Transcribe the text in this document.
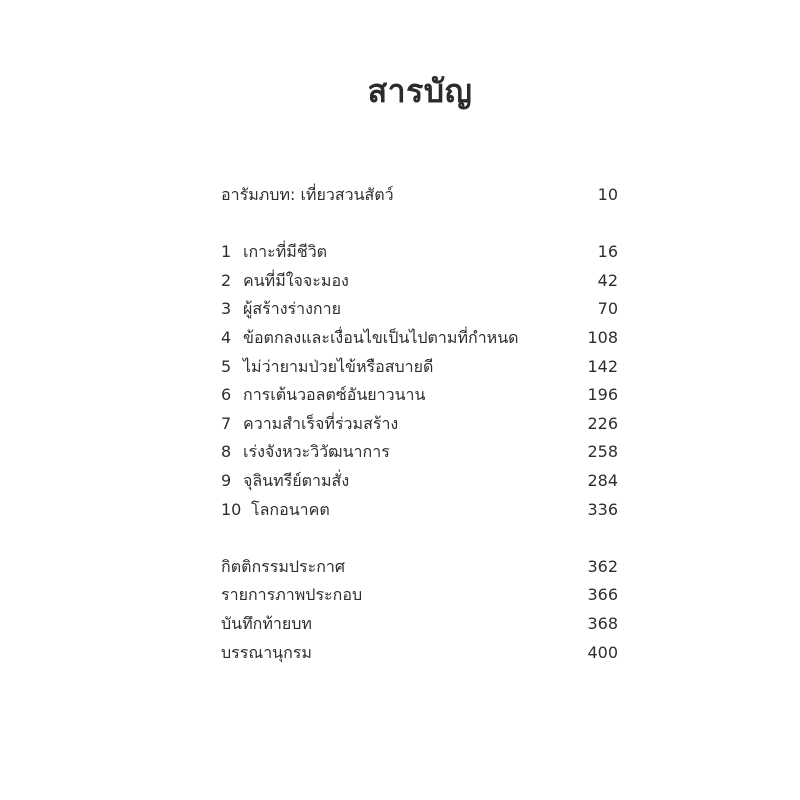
สารบัญ
อารัมภบท: เที่ยวสวนสัตว์	10
1 เกาะที่มีชีวิต	16
2 คนที่มีใจจะมอง	42
3 ผู้สร้างร่างกาย	70
4 ข้อตกลงและเงื่อนไขเป็นไปตามที่กำหนด	108
5 ไม่ว่ายามป่วยไข้หรือสบายดี	142
6 การเต้นวอลตซ์อันยาวนาน	196
7 ความสำเร็จที่ร่วมสร้าง	226
8 เร่งจังหวะวิวัฒนาการ	258
9 จุลินทรีย์ตามสั่ง	284
10 โลกอนาคต	336
กิตติกรรมประกาศ	362
รายการภาพประกอบ	366
บันทึกท้ายบท	368
บรรณานุกรม	400
